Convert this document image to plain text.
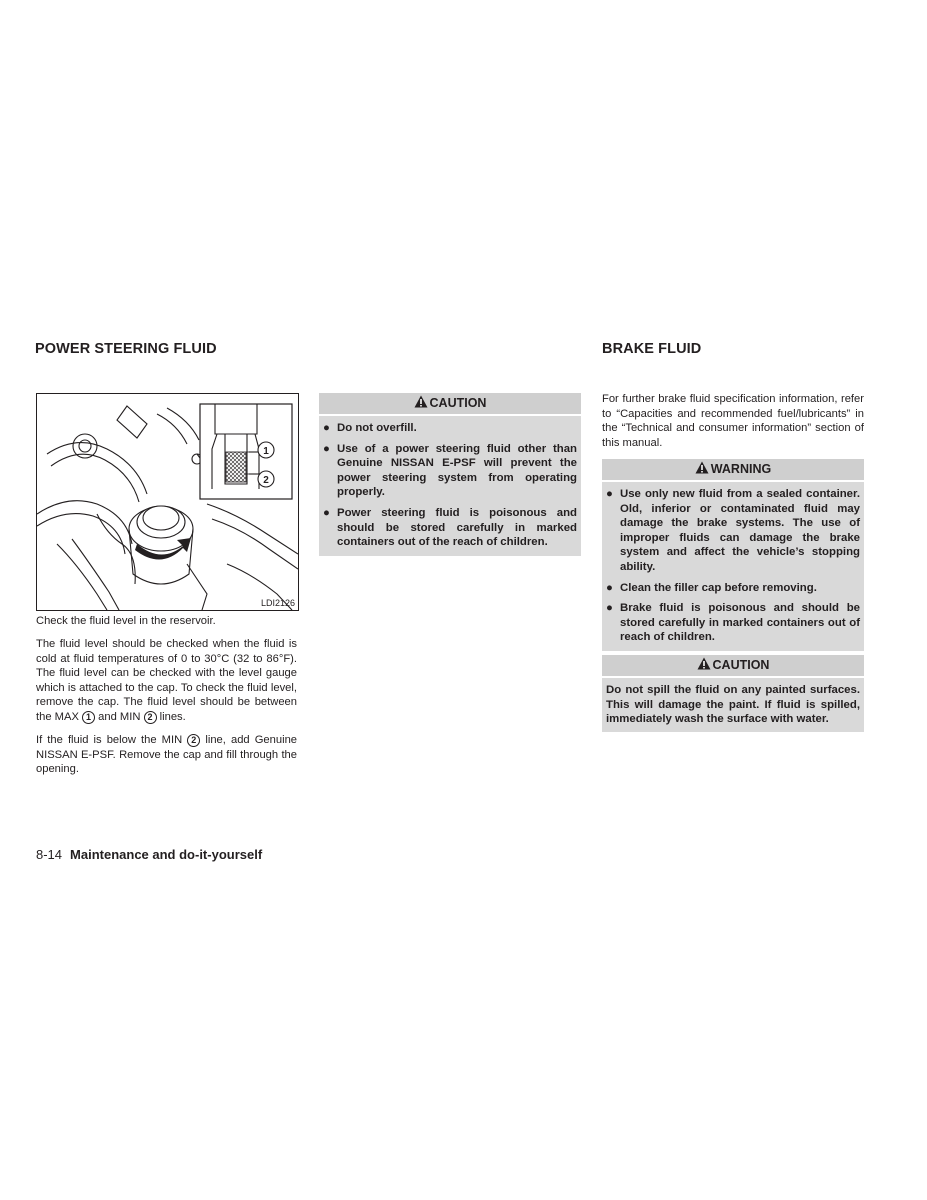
POWER STEERING FLUID
1
2
LDI2126

Check the fluid level in the reservoir.

The fluid level should be checked when the fluid is cold at fluid temperatures of 0 to 30°C (32 to 86°F). The fluid level can be checked with the level gauge which is attached to the cap. To check the fluid level, remove the cap. The fluid level should be between the MAX 1 and MIN 2 lines.

If the fluid is below the MIN 2 line, add Genuine NISSAN E-PSF. Remove the cap and fill through the opening.

CAUTION
● Do not overfill.
● Use of a power steering fluid other than Genuine NISSAN E-PSF will prevent the power steering system from operating properly.
● Power steering fluid is poisonous and should be stored carefully in marked containers out of the reach of children.
BRAKE FLUID
For further brake fluid specification information, refer to “Capacities and recommended fuel/lubricants” in the “Technical and consumer information” section of this manual.
WARNING
● Use only new fluid from a sealed container. Old, inferior or contaminated fluid may damage the brake systems. The use of improper fluids can damage the brake system and affect the vehicle’s stopping ability.
● Clean the filler cap before removing.
● Brake fluid is poisonous and should be stored carefully in marked containers out of reach of children.
CAUTION
Do not spill the fluid on any painted surfaces. This will damage the paint. If fluid is spilled, immediately wash the surface with water.
8-14 Maintenance and do-it-yourself
